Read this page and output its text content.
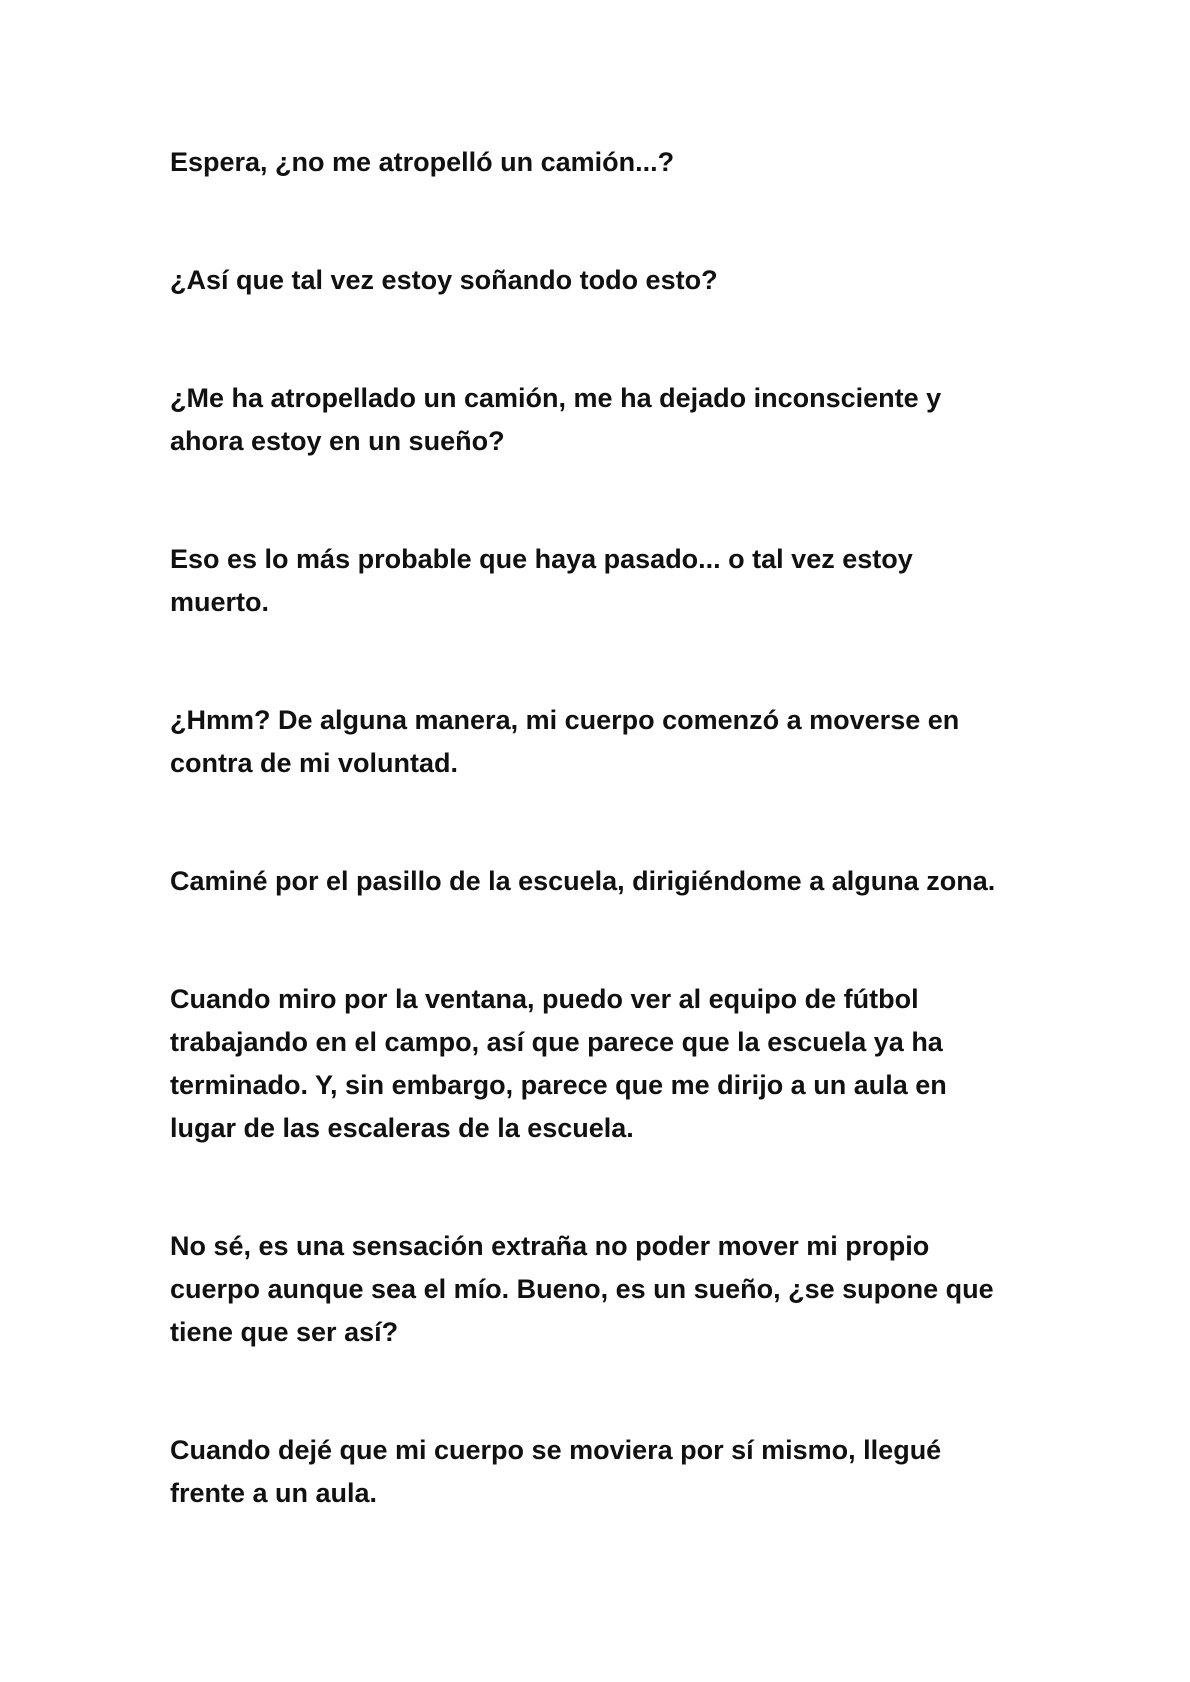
Espera, ¿no me atropelló un camión...?

¿Así que tal vez estoy soñando todo esto?

¿Me ha atropellado un camión, me ha dejado inconsciente y
ahora estoy en un sueño?

Eso es lo más probable que haya pasado... o tal vez estoy
muerto.

¿Hmm? De alguna manera, mi cuerpo comenzó a moverse en
contra de mi voluntad.

Caminé por el pasillo de la escuela, dirigiéndome a alguna zona.

Cuando miro por la ventana, puedo ver al equipo de fútbol
trabajando en el campo, así que parece que la escuela ya ha
terminado. Y, sin embargo, parece que me dirijo a un aula en
lugar de las escaleras de la escuela.

No sé, es una sensación extraña no poder mover mi propio
cuerpo aunque sea el mío. Bueno, es un sueño, ¿se supone que
tiene que ser así?

Cuando dejé que mi cuerpo se moviera por sí mismo, llegué
frente a un aula.
